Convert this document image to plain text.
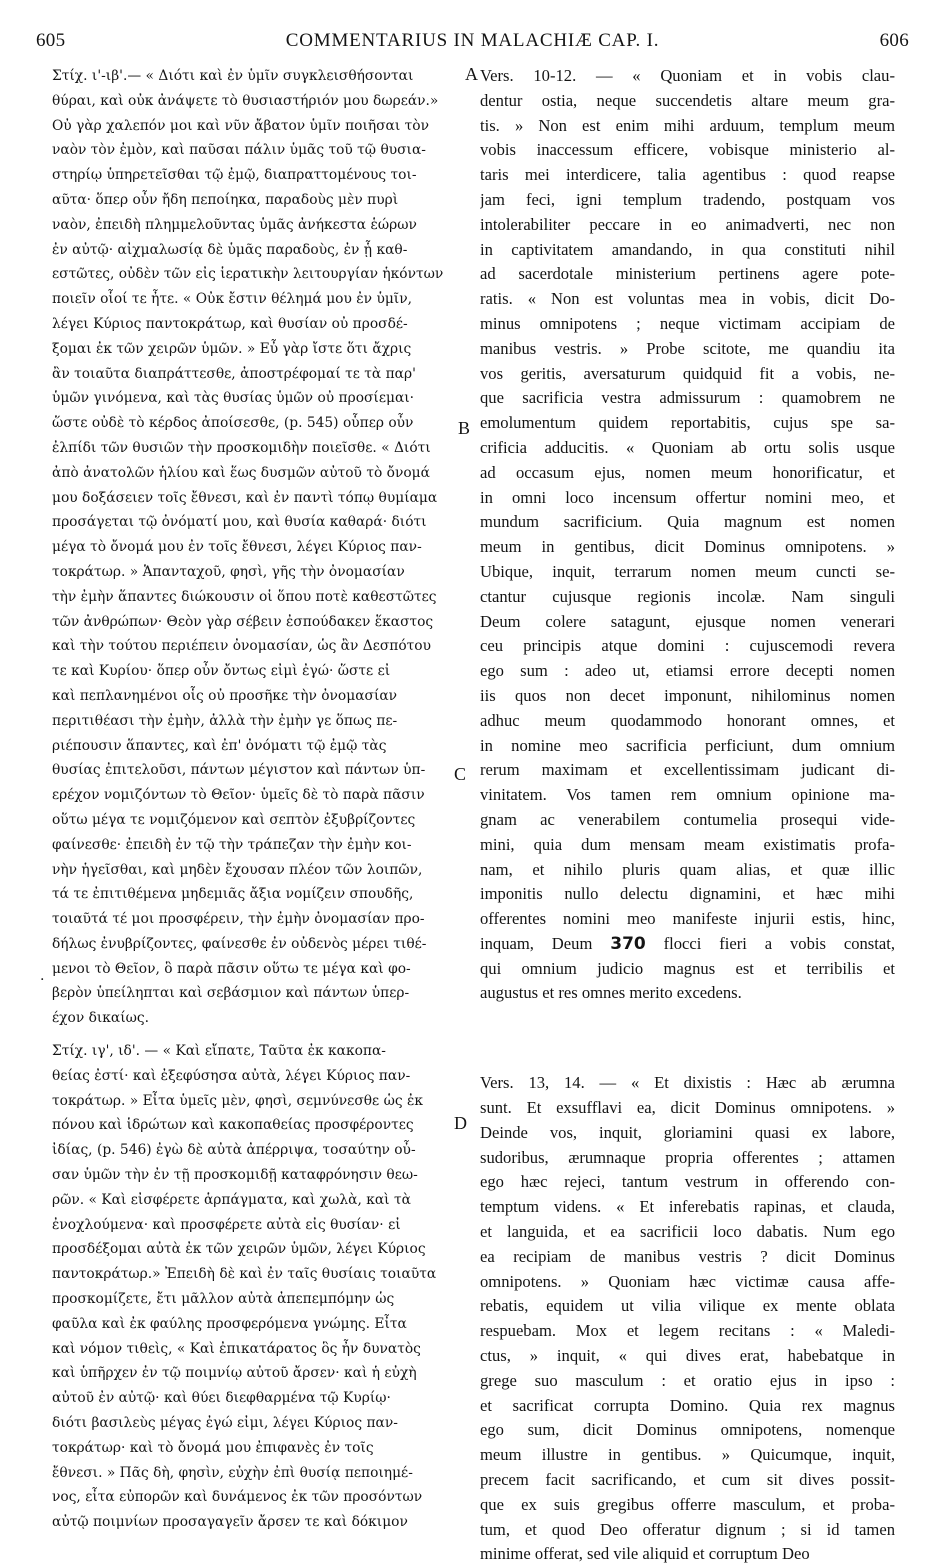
605	COMMENTARIUS IN MALACHIÆ CAP. I.	606
A
B
C
D
.
Στίχ. ι'-ιβ'.— « Διότι καὶ ἐν ὑμῖν συγκλεισθήσονται
θύραι, καὶ οὐκ ἀνάψετε τὸ θυσιαστήριόν μου δωρεάν.»
Οὐ γὰρ χαλεπόν μοι καὶ νῦν ἄβατον ὑμῖν ποιῆσαι τὸν
ναὸν τὸν ἐμὸν, καὶ παῦσαι πάλιν ὑμᾶς τοῦ τῷ θυσια-
στηρίῳ ὑπηρετεῖσθαι τῷ ἐμῷ, διαπραττομένους τοι-
αῦτα· ὅπερ οὖν ἤδη πεποίηκα, παραδοὺς μὲν πυρὶ
ναὸν, ἐπειδὴ πλημμελοῦντας ὑμᾶς ἀνήκεστα ἑώρων
ἐν αὐτῷ· αἰχμαλωσίᾳ δὲ ὑμᾶς παραδοὺς, ἐν ᾗ καθ-
εστῶτες, οὐδὲν τῶν εἰς ἱερατικὴν λειτουργίαν ἡκόντων
ποιεῖν οἷοί τε ἦτε. « Οὐκ ἔστιν θέλημά μου ἐν ὑμῖν,
λέγει Κύριος παντοκράτωρ, καὶ θυσίαν οὐ προσδέ-
ξομαι ἐκ τῶν χειρῶν ὑμῶν. » Εὖ γὰρ ἴστε ὅτι ἄχρις
ἂν τοιαῦτα διαπράττεσθε, ἀποστρέφομαί τε τὰ παρ'
ὑμῶν γινόμενα, καὶ τὰς θυσίας ὑμῶν οὐ προσίεμαι·
ὥστε οὐδὲ τὸ κέρδος ἀποίσεσθε, (p. 545) οὗπερ οὖν
ἐλπίδι τῶν θυσιῶν τὴν προσκομιδὴν ποιεῖσθε. « Διότι
ἀπὸ ἀνατολῶν ἡλίου καὶ ἕως δυσμῶν αὐτοῦ τὸ ὄνομά
μου δοξάσειεν τοῖς ἔθνεσι, καὶ ἐν παντὶ τόπῳ θυμίαμα
προσάγεται τῷ ὀνόματί μου, καὶ θυσία καθαρά· διότι
μέγα τὸ ὄνομά μου ἐν τοῖς ἔθνεσι, λέγει Κύριος παν-
τοκράτωρ. » Ἁπανταχοῦ, φησὶ, γῆς τὴν ὀνομασίαν
τὴν ἐμὴν ἅπαντες διώκουσιν οἱ ὅπου ποτὲ καθεστῶτες
τῶν ἀνθρώπων· Θεὸν γὰρ σέβειν ἐσπούδακεν ἕκαστος
καὶ τὴν τούτου περιέπειν ὀνομασίαν, ὡς ἂν Δεσπότου
τε καὶ Κυρίου· ὅπερ οὖν ὄντως εἰμὶ ἐγώ· ὥστε εἰ
καὶ πεπλανημένοι οἷς οὐ προσῆκε τὴν ὀνομασίαν
περιτιθέασι τὴν ἐμὴν, ἀλλὰ τὴν ἐμὴν γε ὅπως πε-
ριέπουσιν ἅπαντες, καὶ ἐπ' ὀνόματι τῷ ἐμῷ τὰς
θυσίας ἐπιτελοῦσι, πάντων μέγιστον καὶ πάντων ὑπ-
ερέχον νομιζόντων τὸ Θεῖον· ὑμεῖς δὲ τὸ παρὰ πᾶσιν
οὕτω μέγα τε νομιζόμενον καὶ σεπτὸν ἐξυβρίζοντες
φαίνεσθε· ἐπειδὴ ἐν τῷ τὴν τράπεζαν τὴν ἐμὴν κοι-
νὴν ἡγεῖσθαι, καὶ μηδὲν ἔχουσαν πλέον τῶν λοιπῶν,
τά τε ἐπιτιθέμενα μηδεμιᾶς ἄξια νομίζειν σπουδῆς,
τοιαῦτά τέ μοι προσφέρειν, τὴν ἐμὴν ὀνομασίαν προ-
δήλως ἐνυβρίζοντες, φαίνεσθε ἐν οὐδενὸς μέρει τιθέ-
μενοι τὸ Θεῖον, ὃ παρὰ πᾶσιν οὕτω τε μέγα καὶ φο-
βερὸν ὑπείληπται καὶ σεβάσμιον καὶ πάντων ὑπερ-
έχον δικαίως.
Στίχ. ιγ', ιδ'. — « Καὶ εἴπατε, Ταῦτα ἐκ κακοπα-
θείας ἐστί· καὶ ἐξεφύσησα αὐτὰ, λέγει Κύριος παν-
τοκράτωρ. » Εἶτα ὑμεῖς μὲν, φησὶ, σεμνύνεσθε ὡς ἐκ
πόνου καὶ ἱδρώτων καὶ κακοπαθείας προσφέροντες
ἰδίας, (p. 546) ἐγὼ δὲ αὐτὰ ἀπέρριψα, τοσαύτην οὖ-
σαν ὑμῶν τὴν ἐν τῇ προσκομιδῇ καταφρόνησιν θεω-
ρῶν. « Καὶ εἰσφέρετε ἁρπάγματα, καὶ χωλὰ, καὶ τὰ
ἐνοχλούμενα· καὶ προσφέρετε αὐτὰ εἰς θυσίαν· εἰ
προσδέξομαι αὐτὰ ἐκ τῶν χειρῶν ὑμῶν, λέγει Κύριος
παντοκράτωρ.» Ἐπειδὴ δὲ καὶ ἐν ταῖς θυσίαις τοιαῦτα
προσκομίζετε, ἔτι μᾶλλον αὐτὰ ἀπεπεμπόμην ὡς
φαῦλα καὶ ἐκ φαύλης προσφερόμενα γνώμης. Εἶτα
καὶ νόμον τιθεὶς, « Καὶ ἐπικατάρατος ὃς ἦν δυνατὸς
καὶ ὑπῆρχεν ἐν τῷ ποιμνίῳ αὐτοῦ ἄρσεν· καὶ ἡ εὐχὴ
αὐτοῦ ἐν αὐτῷ· καὶ θύει διεφθαρμένα τῷ Κυρίῳ·
διότι βασιλεὺς μέγας ἐγώ εἰμι, λέγει Κύριος παν-
τοκράτωρ· καὶ τὸ ὄνομά μου ἐπιφανὲς ἐν τοῖς
ἔθνεσι. » Πᾶς δὴ, φησὶν, εὐχὴν ἐπὶ θυσίᾳ πεποιημέ-
νος, εἶτα εὐπορῶν καὶ δυνάμενος ἐκ τῶν προσόντων
αὐτῷ ποιμνίων προσαγαγεῖν ἄρσεν τε καὶ δόκιμον
Vers. 10-12. — « Quoniam et in vobis clau-
dentur ostia, neque succendetis altare meum gra-
tis. » Non est enim mihi arduum, templum meum
vobis inaccessum efficere, vobisque ministerio al-
taris mei interdicere, talia agentibus : quod reapse
jam feci, igni templum tradendo, postquam vos
intolerabiliter peccare in eo animadverti, nec non
in captivitatem amandando, in qua constituti nihil
ad sacerdotale ministerium pertinens agere pote-
ratis. « Non est voluntas mea in vobis, dicit Do-
minus omnipotens ; neque victimam accipiam de
manibus vestris. » Probe scitote, me quandiu ita
vos geritis, aversaturum quidquid fit a vobis, ne-
que sacrificia vestra admissurum : quamobrem ne
emolumentum quidem reportabitis, cujus spe sa-
crificia adducitis. « Quoniam ab ortu solis usque
ad occasum ejus, nomen meum honorificatur, et
in omni loco incensum offertur nomini meo, et
mundum sacrificium. Quia magnum est nomen
meum in gentibus, dicit Dominus omnipotens. »
Ubique, inquit, terrarum nomen meum cuncti se-
ctantur cujusque regionis incolæ. Nam singuli
Deum colere satagunt, ejusque nomen venerari
ceu principis atque domini : cujuscemodi revera
ego sum : adeo ut, etiamsi errore decepti nomen
iis quos non decet imponunt, nihilominus nomen
adhuc meum quodammodo honorant omnes, et
in nomine meo sacrificia perficiunt, dum omnium
rerum maximam et excellentissimam judicant di-
vinitatem. Vos tamen rem omnium opinione ma-
gnam ac venerabilem contumelia prosequi vide-
mini, quia dum mensam meam existimatis profa-
nam, et nihilo pluris quam alias, et quæ illic
imponitis nullo delectu dignamini, et hæc mihi
offerentes nomini meo manifeste injurii estis, hinc,
inquam, Deum 370 flocci fieri a vobis constat,
qui omnium judicio magnus est et terribilis et
augustus et res omnes merito excedens.
Vers. 13, 14. — « Et dixistis : Hæc ab ærumna
sunt. Et exsufflavi ea, dicit Dominus omnipotens. »
Deinde vos, inquit, gloriamini quasi ex labore,
sudoribus, ærumnaque propria offerentes ; attamen
ego hæc rejeci, tantum vestrum in offerendo con-
temptum videns. « Et inferebatis rapinas, et clauda,
et languida, et ea sacrificii loco dabatis. Num ego
ea recipiam de manibus vestris ? dicit Dominus
omnipotens. » Quoniam hæc victimæ causa affe-
rebatis, equidem ut vilia vilique ex mente oblata
respuebam. Mox et legem recitans : « Maledi-
ctus, » inquit, « qui dives erat, habebatque in
grege suo masculum : et oratio ejus in ipso :
et sacrificat corrupta Domino. Quia rex magnus
ego sum, dicit Dominus omnipotens, nomenque
meum illustre in gentibus. » Quicumque, inquit,
precem facit sacrificando, et cum sit dives possit-
que ex suis gregibus offerre masculum, et proba-
tum, et quod Deo offeratur dignum ; si id tamen
minime offerat, sed vile aliquid et corruptum Deo
